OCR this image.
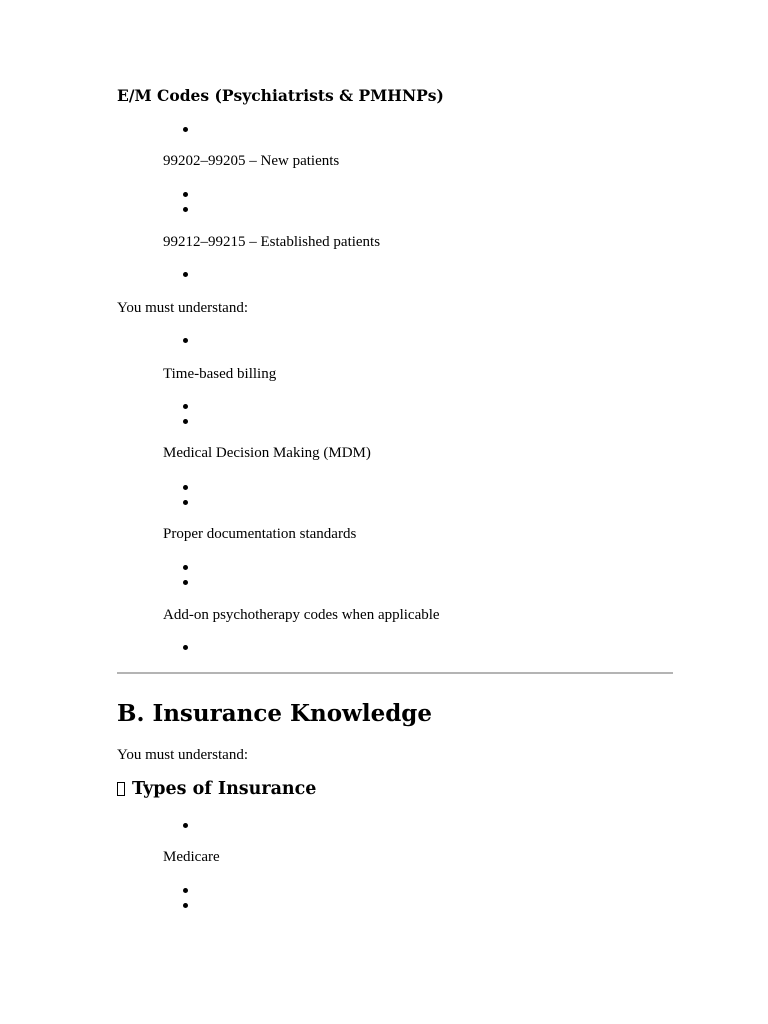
E/M Codes (Psychiatrists & PMHNPs)
99202–99205 – New patients
99212–99215 – Established patients
You must understand:
Time-based billing
Medical Decision Making (MDM)
Proper documentation standards
Add-on psychotherapy codes when applicable
B. Insurance Knowledge
You must understand:
Types of Insurance
Medicare
